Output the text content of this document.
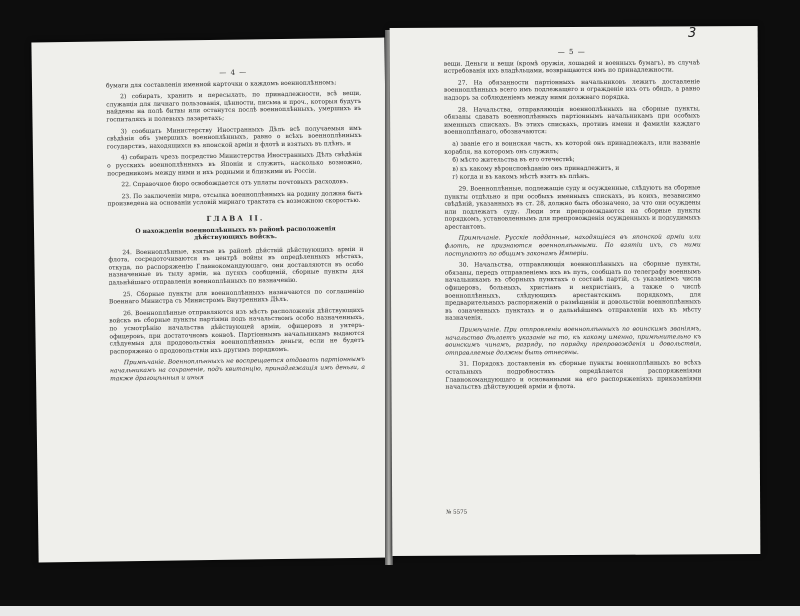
— 4 —

бумаги для составленія именной карточки о каждомъ военноплѣнномъ;

2) собирать, хранить и пересылать, по принадлежности, всѣ вещи, служащія для личнаго пользованія, цѣнности, письма и проч., которыя будутъ найдены на полѣ битвы или останутся послѣ военноплѣнныхъ, умершихъ въ госпиталяхъ и полевыхъ лазаретахъ;

3) сообщать Министерству Иностранныхъ Дѣлъ всѣ получаемыя имъ свѣдѣнія объ умершихъ военноплѣнныхъ, равно о всѣхъ военноплѣнныхъ государствъ, находящихся въ японской арміи и флотѣ и взятыхъ въ плѣнъ, и

4) собирать чрезъ посредство Министерства Иностранныхъ Дѣлъ свѣдѣнія о русскихъ военноплѣнныхъ въ Японіи и служить, насколько возможно, посредникомъ между ними и ихъ родными и близкими въ Россіи.

22. Справочное бюро освобождается отъ уплаты почтовыхъ расходовъ.

23. По заключеніи мира, отсылка военноплѣнныхъ на родину должна быть произведена на основаніи условій мирнаго трактата съ возможною скоростью.

ГЛАВА II.
О нахожденіи военноплѣнныхъ въ районѣ расположенія дѣйствующихъ войскъ.

24. Военноплѣнные, взятые въ районѣ дѣйствій дѣйствующихъ арміи и флота, сосредоточиваются въ центрѣ войны въ опредѣленныхъ мѣстахъ, откуда, по распоряженію Главнокомандующаго, они доставляются въ особо назначенные въ тылу арміи, на путяхъ сообщеній, сборные пункты для дальнѣйшаго отправленія военноплѣнныхъ по назначенію.

25. Сборные пункты для военноплѣнныхъ назначаются по соглашенію Военнаго Министра съ Министромъ Внутреннихъ Дѣлъ.

26. Военноплѣнные отправляются изъ мѣстъ расположенія дѣйствующихъ войскъ въ сборные пункты партіями подъ начальствомъ особо назначенныхъ, по усмотрѣнію начальства дѣйствующей арміи, офицеровъ и унтеръ-офицеровъ, при достаточномъ конвоѣ. Партіоннымъ начальникамъ выдаются слѣдуемыя для продовольствія военноплѣнныхъ деньги, если не будетъ распоряжено о продовольствіи ихъ другимъ порядкомъ.

Примѣчаніе. Военноплѣнныхъ не воспрещается отдавать партіоннымъ начальникамъ на сохраненіе, подъ квитанцію, принадлежащія имъ деньги, а также драгоцѣнныя и иныя

— 5 —

вещи. Деньги и вещи (кромѣ оружія, лошадей и военныхъ бумагъ), въ случаѣ истребованія ихъ владѣльцами, возвращаются имъ по принадлежности.

27. На обязанности партіонныхъ начальниковъ лежитъ доставленіе военноплѣнныхъ всего имъ подлежащего и огражденіе ихъ отъ обидъ, а равно надзоръ за соблюденіемъ между ними должнаго порядка.

28. Начальства, отправляющія военноплѣнныхъ на сборные пункты, обязаны сдавать военноплѣнныхъ партіоннымъ начальникамъ при особыхъ именныхъ спискахъ. Въ этихъ спискахъ, противъ имени и фамиліи каждаго военноплѣннаго, обозначаются:

а) званіе его и воинская часть, къ которой онъ принадлежалъ, или названіе корабля, на которомъ онъ служилъ;

б) мѣсто жительства въ его отечествѣ;

в) къ какому вѣроисповѣданію онъ принадлежитъ, и

г) когда и въ какомъ мѣстѣ взятъ въ плѣнъ.

29. Военноплѣнные, подлежащіе суду и осужденные, слѣдуютъ на сборные пункты отдѣльно и при особыхъ именныхъ спискахъ, въ коихъ, независимо свѣдѣній, указанныхъ въ ст. 28, должно быть обозначено, за что они осуждены или подлежатъ суду. Люди эти препровождаются на сборные пункты порядкомъ, установленнымъ для препровожденія осужденныхъ и подсудимыхъ арестантовъ.

Примѣчаніе. Русскіе подданные, находящіеся въ японской арміи или флотѣ, не признаются военноплѣнными. По взятіи ихъ, съ ними поступаютъ по общимъ законамъ Имперіи.

30. Начальства, отправляющія военноплѣнныхъ на сборные пункты, обязаны, передъ отправленіемъ ихъ въ путь, сообщать по телеграфу военнымъ начальникамъ въ сборныхъ пунктахъ о составѣ партій, съ указаніемъ числа офицеровъ, больныхъ, христіанъ и нехристіанъ, а также о числѣ военноплѣнныхъ, слѣдующихъ арестантскимъ порядкомъ, для предварительныхъ распоряженій о размѣщеніи и довольствіи военноплѣнныхъ въ означенныхъ пунктахъ и о дальнѣйшемъ отправленіи ихъ къ мѣсту назначенія.

Примѣчаніе. При отправленіи военноплѣнныхъ по воинскимъ званіямъ, начальство дѣлаетъ указаніе на то, къ какому именно, примѣнительно къ воинскимъ чинамъ, разряду, по порядку препровожденія и довольствія, отправляемые должны быть отнесены.

31. Порядокъ доставленія въ сборные пункты военноплѣнныхъ во всѣхъ остальныхъ подробностяхъ опредѣляется распоряженіями Главнокомандующаго и основанными на его распоряженіяхъ приказаніями начальствъ дѣйствующей арміи и флота.

№ 5575
3
